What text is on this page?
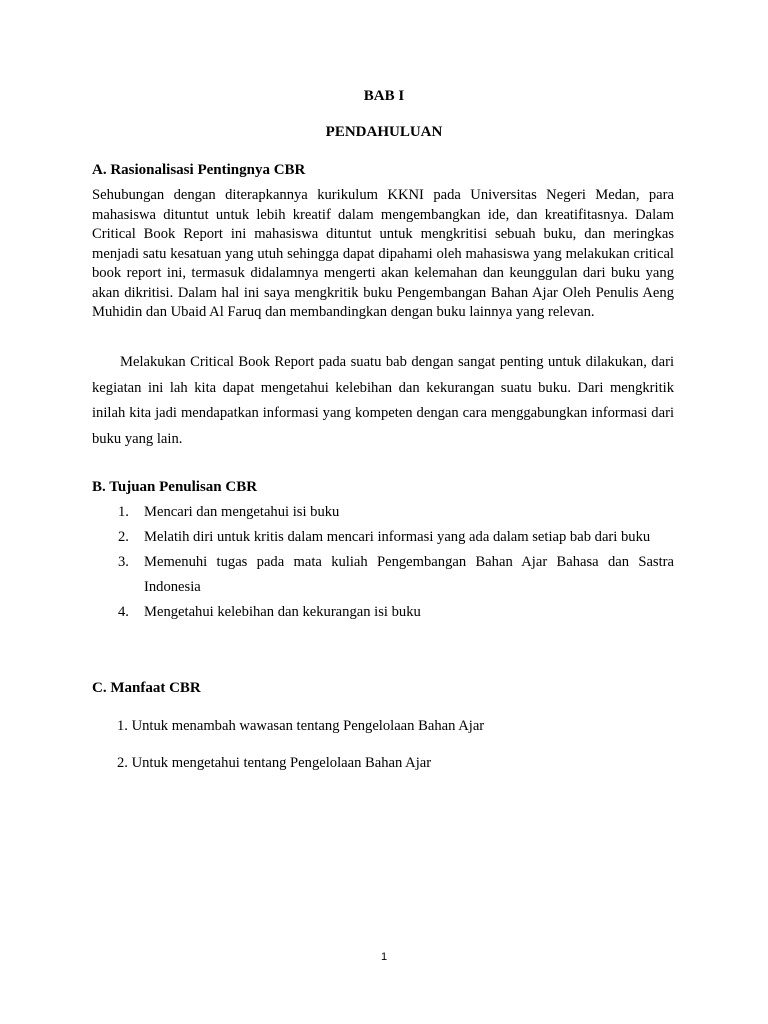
BAB I
PENDAHULUAN
A. Rasionalisasi Pentingnya CBR

Sehubungan dengan diterapkannya kurikulum KKNI pada Universitas Negeri Medan, para mahasiswa dituntut untuk lebih kreatif dalam mengembangkan ide, dan kreatifitasnya. Dalam Critical Book Report ini mahasiswa dituntut untuk mengkritisi sebuah buku, dan meringkas menjadi satu kesatuan yang utuh sehingga dapat dipahami oleh mahasiswa yang melakukan critical book report ini, termasuk didalamnya mengerti akan kelemahan dan keunggulan dari buku yang akan dikritisi. Dalam hal ini saya mengkritik buku Pengembangan Bahan Ajar Oleh Penulis Aeng Muhidin dan Ubaid Al Faruq dan membandingkan dengan buku lainnya yang relevan.

Melakukan Critical Book Report pada suatu bab dengan sangat penting untuk dilakukan, dari kegiatan ini lah kita dapat mengetahui kelebihan dan kekurangan suatu buku. Dari mengkritik inilah kita jadi mendapatkan informasi yang kompeten dengan cara menggabungkan informasi dari buku yang lain.

B. Tujuan Penulisan CBR
1. Mencari dan mengetahui isi buku
2. Melatih diri untuk kritis dalam mencari informasi yang ada dalam setiap bab dari buku
3. Memenuhi tugas pada mata kuliah Pengembangan Bahan Ajar Bahasa dan Sastra Indonesia
4. Mengetahui kelebihan dan kekurangan isi buku
C. Manfaat CBR
1. Untuk menambah wawasan tentang Pengelolaan Bahan Ajar
2. Untuk mengetahui tentang Pengelolaan Bahan Ajar
1
